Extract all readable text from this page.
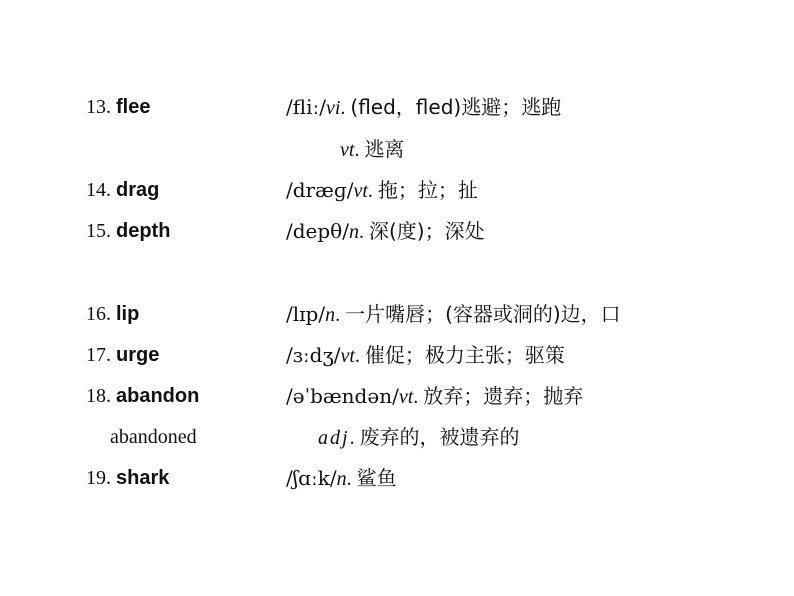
13. flee	/fliː/vi. (fled，fled)逃避；逃跑
vt. 逃离
14. drag	/dræɡ/vt. 拖；拉；扯
15. depth	/depθ/n. 深(度)；深处
16. lip	/lɪp/n. 一片嘴唇；(容器或洞的)边，口
17. urge	/ɜːdʒ/vt. 催促；极力主张；驱策
18. abandon	/əˈbændən/vt. 放弃；遗弃；抛弃
abandoned	adj. 废弃的，被遗弃的
19. shark	/ʃɑːk/n. 鲨鱼
